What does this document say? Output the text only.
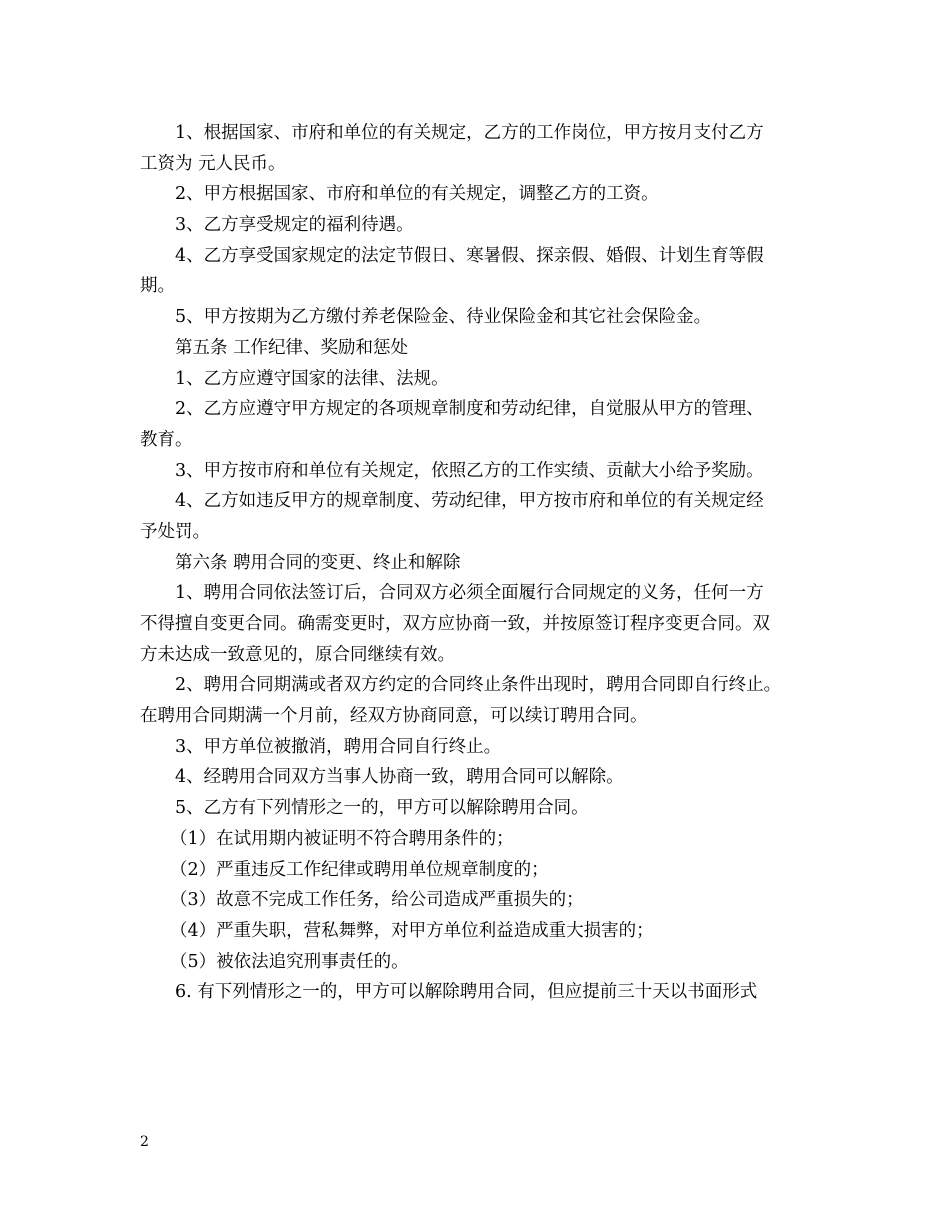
1、根据国家、市府和单位的有关规定，乙方的工作岗位，甲方按月支付乙方
工资为 元人民币。
2、甲方根据国家、市府和单位的有关规定，调整乙方的工资。
3、乙方享受规定的福利待遇。
4、乙方享受国家规定的法定节假日、寒暑假、探亲假、婚假、计划生育等假
期。
5、甲方按期为乙方缴付养老保险金、待业保险金和其它社会保险金。
第五条 工作纪律、奖励和惩处
1、乙方应遵守国家的法律、法规。
2、乙方应遵守甲方规定的各项规章制度和劳动纪律，自觉服从甲方的管理、
教育。
3、甲方按市府和单位有关规定，依照乙方的工作实绩、贡献大小给予奖励。
4、乙方如违反甲方的规章制度、劳动纪律，甲方按市府和单位的有关规定经
予处罚。
第六条 聘用合同的变更、终止和解除
1、聘用合同依法签订后，合同双方必须全面履行合同规定的义务，任何一方
不得擅自变更合同。确需变更时，双方应协商一致，并按原签订程序变更合同。双
方未达成一致意见的，原合同继续有效。
2、聘用合同期满或者双方约定的合同终止条件出现时，聘用合同即自行终止。
在聘用合同期满一个月前，经双方协商同意，可以续订聘用合同。
3、甲方单位被撤消，聘用合同自行终止。
4、经聘用合同双方当事人协商一致，聘用合同可以解除。
5、乙方有下列情形之一的，甲方可以解除聘用合同。
（1）在试用期内被证明不符合聘用条件的；
（2）严重违反工作纪律或聘用单位规章制度的；
（3）故意不完成工作任务，给公司造成严重损失的；
（4）严重失职，营私舞弊，对甲方单位利益造成重大损害的；
（5）被依法追究刑事责任的。
6. 有下列情形之一的，甲方可以解除聘用合同，但应提前三十天以书面形式
2
